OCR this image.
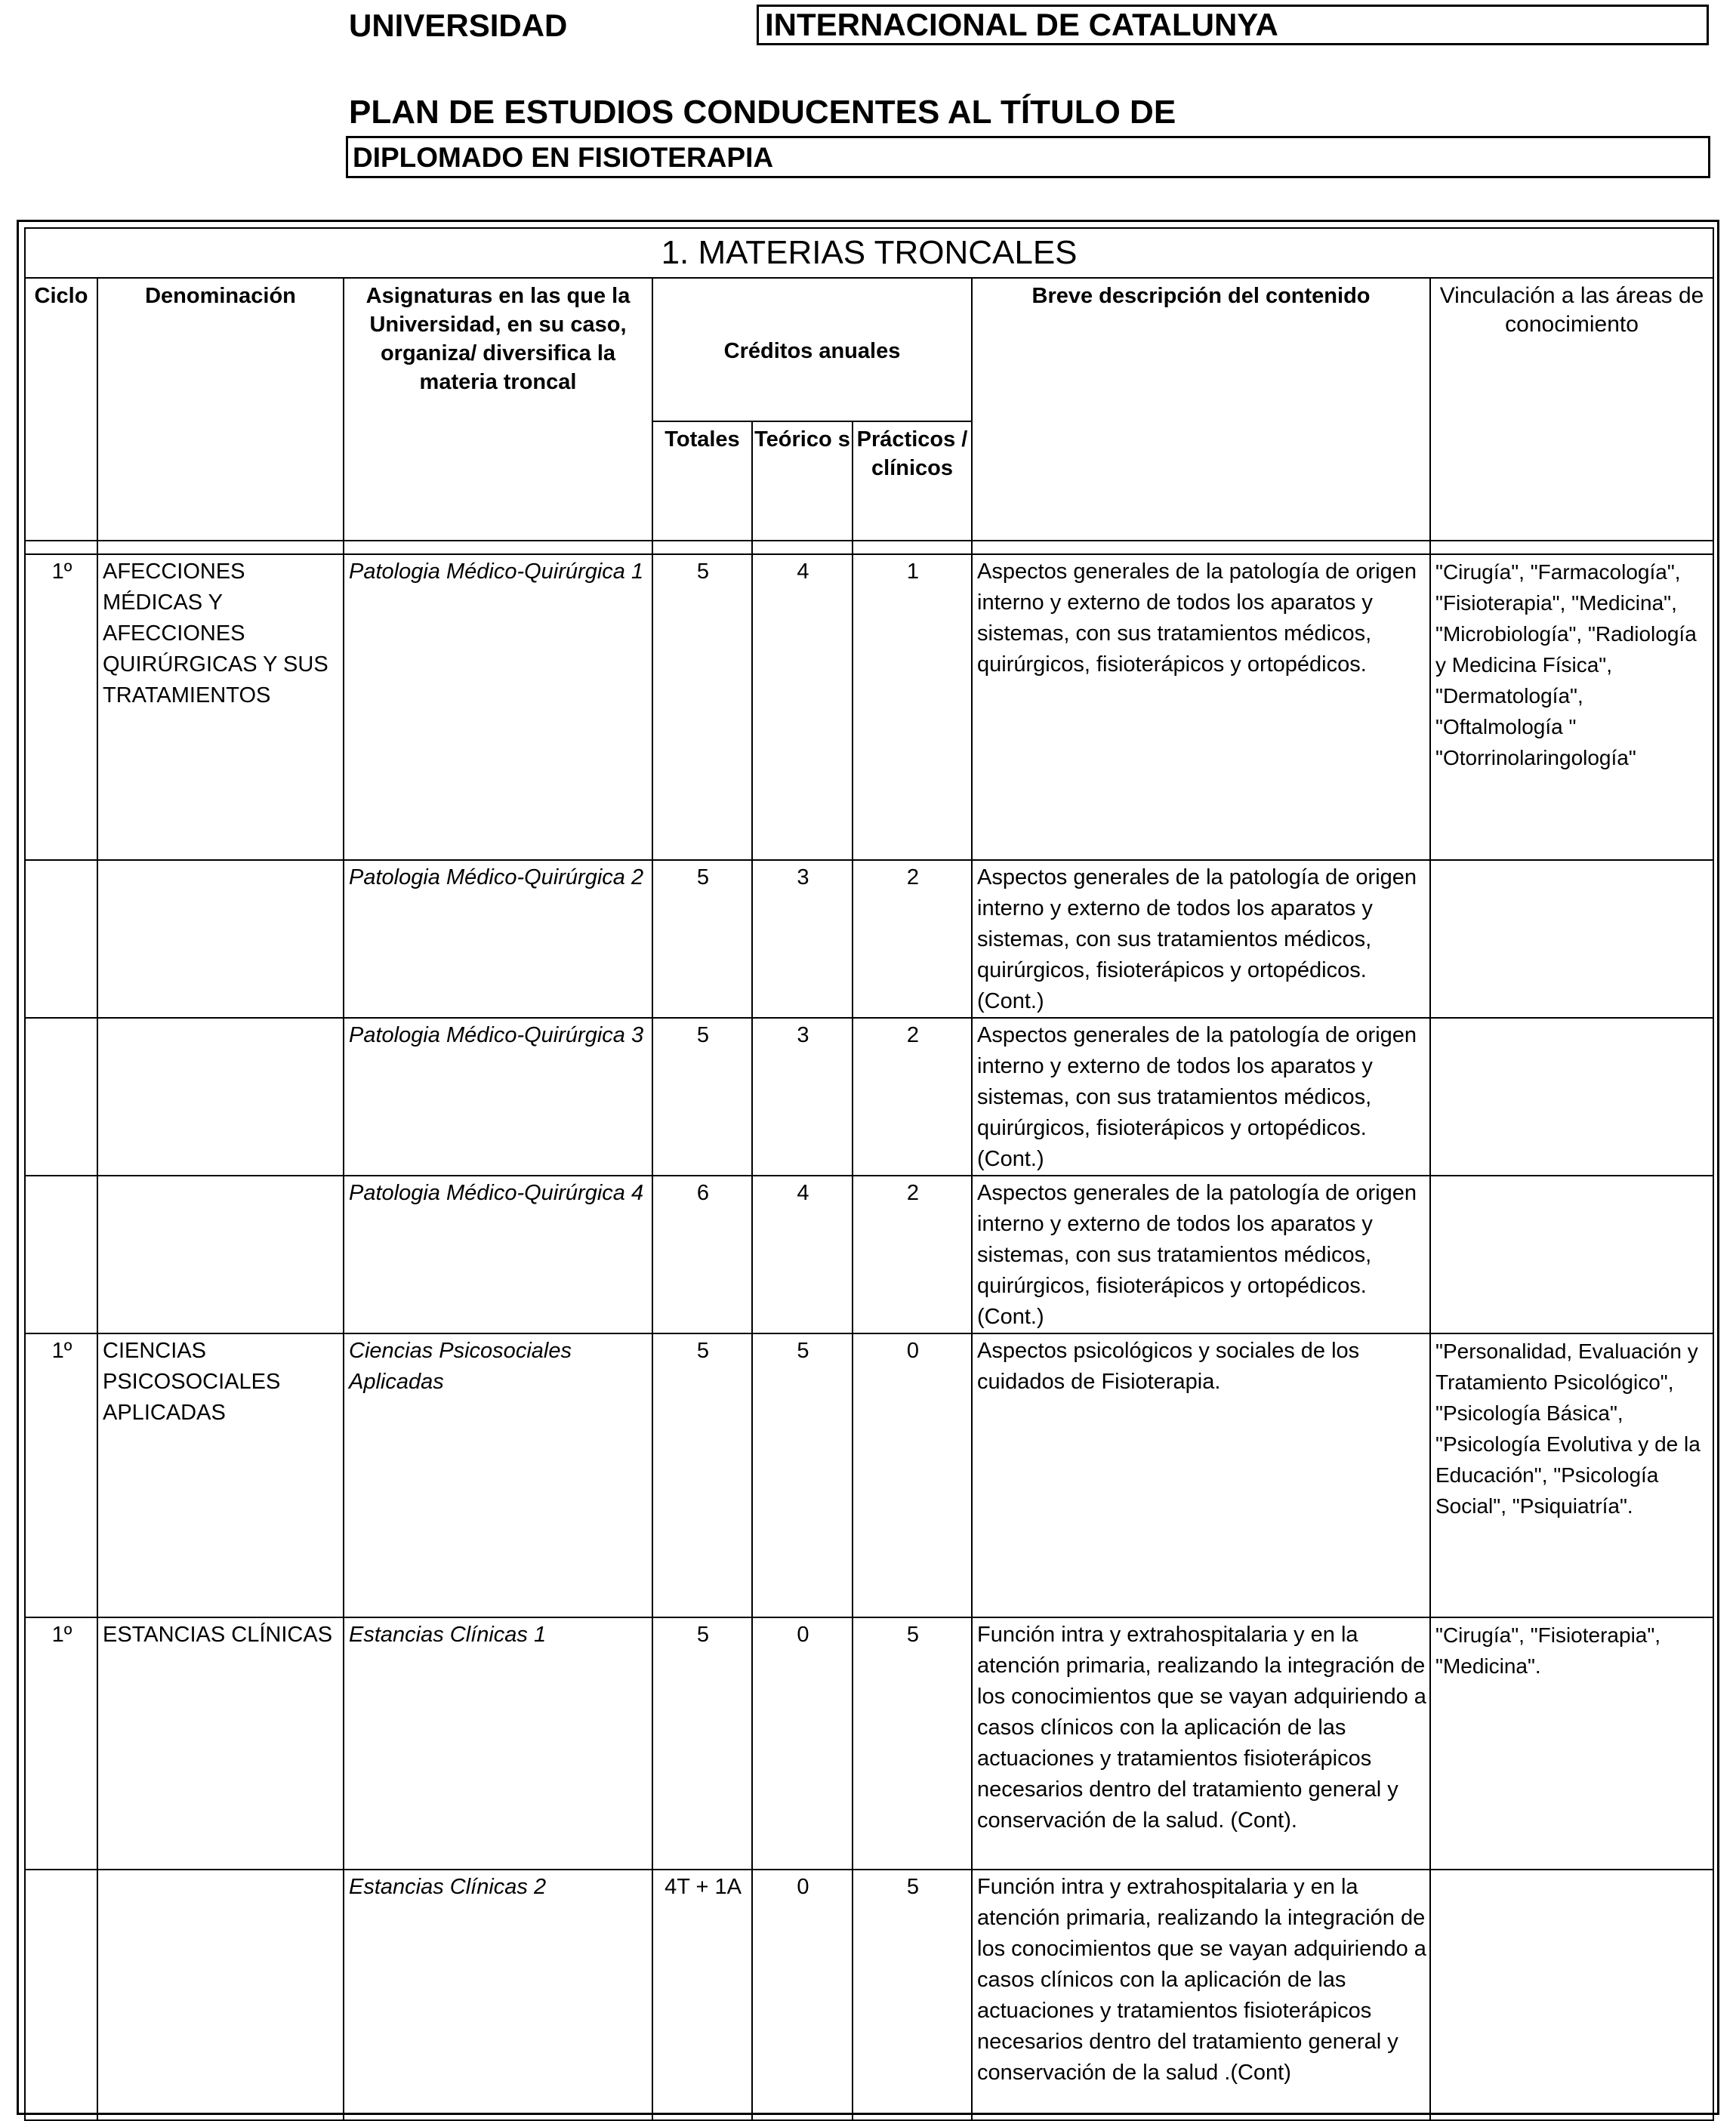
UNIVERSIDAD	INTERNACIONAL DE CATALUNYA
PLAN DE ESTUDIOS CONDUCENTES AL TÍTULO DE
DIPLOMADO EN FISIOTERAPIA
1. MATERIAS TRONCALES							
Ciclo	Denominación	Asignaturas en las que la Universidad, en su caso, organiza/ diversifica la materia troncal	Créditos anuales			Breve descripción del contenido	Vinculación a las áreas de conocimiento
			Totales	Teórico s	Prácticos / clínicos		

1º	AFECCIONES MÉDICAS Y AFECCIONES QUIRÚRGICAS Y SUS TRATAMIENTOS	Patologia Médico-Quirúrgica 1	5	4	1	Aspectos generales de la patología de origen interno y externo de todos los aparatos y sistemas, con sus tratamientos médicos, quirúrgicos, fisioterápicos y ortopédicos.	"Cirugía", "Farmacología", "Fisioterapia", "Medicina", "Microbiología", "Radiología y Medicina Física", "Dermatología", "Oftalmología " "Otorrinolaringología"
		Patologia Médico-Quirúrgica 2	5	3	2	Aspectos generales de la patología de origen interno y externo de todos los aparatos y sistemas, con sus tratamientos médicos, quirúrgicos, fisioterápicos y ortopédicos. (Cont.)	
		Patologia Médico-Quirúrgica 3	5	3	2	Aspectos generales de la patología de origen interno y externo de todos los aparatos y sistemas, con sus tratamientos médicos, quirúrgicos, fisioterápicos y ortopédicos. (Cont.)	
		Patologia Médico-Quirúrgica 4	6	4	2	Aspectos generales de la patología de origen interno y externo de todos los aparatos y sistemas, con sus tratamientos médicos, quirúrgicos, fisioterápicos y ortopédicos. (Cont.)	
1º	CIENCIAS PSICOSOCIALES APLICADAS	Ciencias Psicosociales Aplicadas	5	5	0	Aspectos psicológicos y sociales de los cuidados de Fisioterapia.	"Personalidad, Evaluación y Tratamiento Psicológico", "Psicología Básica", "Psicología Evolutiva y de la Educación", "Psicología Social", "Psiquiatría".
1º	ESTANCIAS CLÍNICAS	Estancias Clínicas 1	5	0	5	Función intra y extrahospitalaria y en la atención primaria, realizando la integración de los conocimientos que se vayan adquiriendo a casos clínicos con la aplicación de las actuaciones y tratamientos fisioterápicos necesarios dentro del tratamiento general y conservación de la salud. (Cont).	"Cirugía", "Fisioterapia", "Medicina".
		Estancias Clínicas 2	4T + 1A	0	5	Función intra y extrahospitalaria y en la atención primaria, realizando la integración de los conocimientos que se vayan adquiriendo a casos clínicos con la aplicación de las actuaciones y tratamientos fisioterápicos necesarios dentro del tratamiento general y conservación de la salud .(Cont)	
